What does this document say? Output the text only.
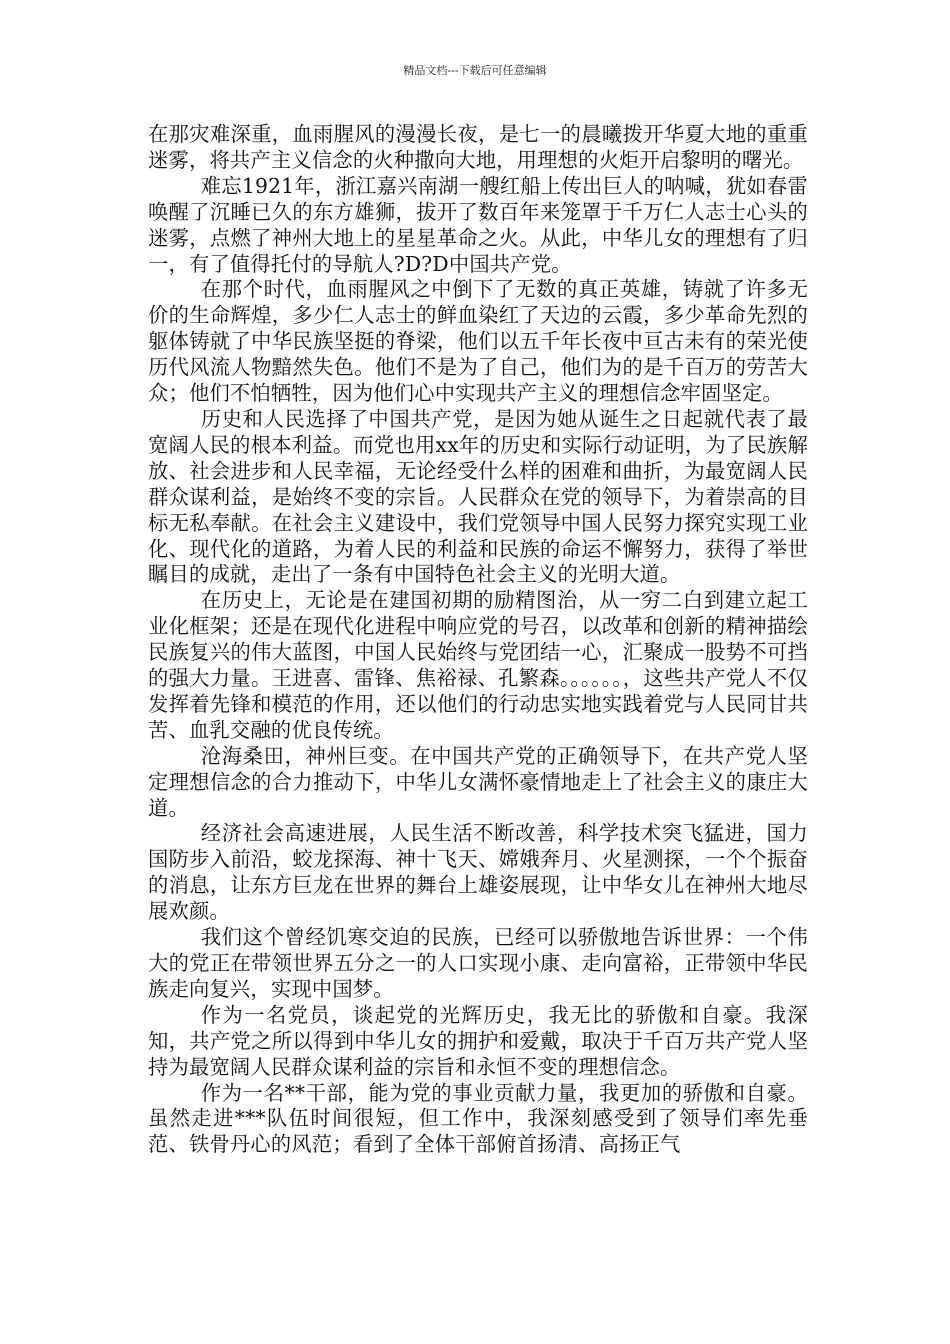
精品文档---下载后可任意编辑

在那灾难深重，血雨腥风的漫漫长夜，是七一的晨曦拨开华夏大地的重重迷雾，将共产主义信念的火种撒向大地，用理想的火炬开启黎明的曙光。

难忘1921年，浙江嘉兴南湖一艘红船上传出巨人的呐喊，犹如春雷唤醒了沉睡已久的东方雄狮，拔开了数百年来笼罩于千万仁人志士心头的迷雾，点燃了神州大地上的星星革命之火。从此，中华儿女的理想有了归一，有了值得托付的导航人?D?D中国共产党。

在那个时代，血雨腥风之中倒下了无数的真正英雄，铸就了许多无价的生命辉煌，多少仁人志士的鲜血染红了天边的云霞，多少革命先烈的躯体铸就了中华民族坚挺的脊梁，他们以五千年长夜中亘古未有的荣光使历代风流人物黯然失色。他们不是为了自己，他们为的是千百万的劳苦大众；他们不怕牺牲，因为他们心中实现共产主义的理想信念牢固坚定。

历史和人民选择了中国共产党，是因为她从诞生之日起就代表了最宽阔人民的根本利益。而党也用xx年的历史和实际行动证明，为了民族解放、社会进步和人民幸福，无论经受什么样的困难和曲折，为最宽阔人民群众谋利益，是始终不变的宗旨。人民群众在党的领导下，为着崇高的目标无私奉献。在社会主义建设中，我们党领导中国人民努力探究实现工业化、现代化的道路，为着人民的利益和民族的命运不懈努力，获得了举世瞩目的成就，走出了一条有中国特色社会主义的光明大道。

在历史上，无论是在建国初期的励精图治，从一穷二白到建立起工业化框架；还是在现代化进程中响应党的号召，以改革和创新的精神描绘民族复兴的伟大蓝图，中国人民始终与党团结一心，汇聚成一股势不可挡的强大力量。王进喜、雷锋、焦裕禄、孔繁森。。。。。。，这些共产党人不仅发挥着先锋和模范的作用，还以他们的行动忠实地实践着党与人民同甘共苦、血乳交融的优良传统。

沧海桑田，神州巨变。在中国共产党的正确领导下，在共产党人坚定理想信念的合力推动下，中华儿女满怀豪情地走上了社会主义的康庄大道。

经济社会高速进展，人民生活不断改善，科学技术突飞猛进，国力国防步入前沿，蛟龙探海、神十飞天、嫦娥奔月、火星测探，一个个振奋的消息，让东方巨龙在世界的舞台上雄姿展现，让中华女儿在神州大地尽展欢颜。

我们这个曾经饥寒交迫的民族，已经可以骄傲地告诉世界：一个伟大的党正在带领世界五分之一的人口实现小康、走向富裕，正带领中华民族走向复兴，实现中国梦。

作为一名党员，谈起党的光辉历史，我无比的骄傲和自豪。我深知，共产党之所以得到中华儿女的拥护和爱戴，取决于千百万共产党人坚持为最宽阔人民群众谋利益的宗旨和永恒不变的理想信念。

作为一名**干部，能为党的事业贡献力量，我更加的骄傲和自豪。虽然走进***队伍时间很短，但工作中，我深刻感受到了领导们率先垂范、铁骨丹心的风范；看到了全体干部俯首扬清、高扬正气
